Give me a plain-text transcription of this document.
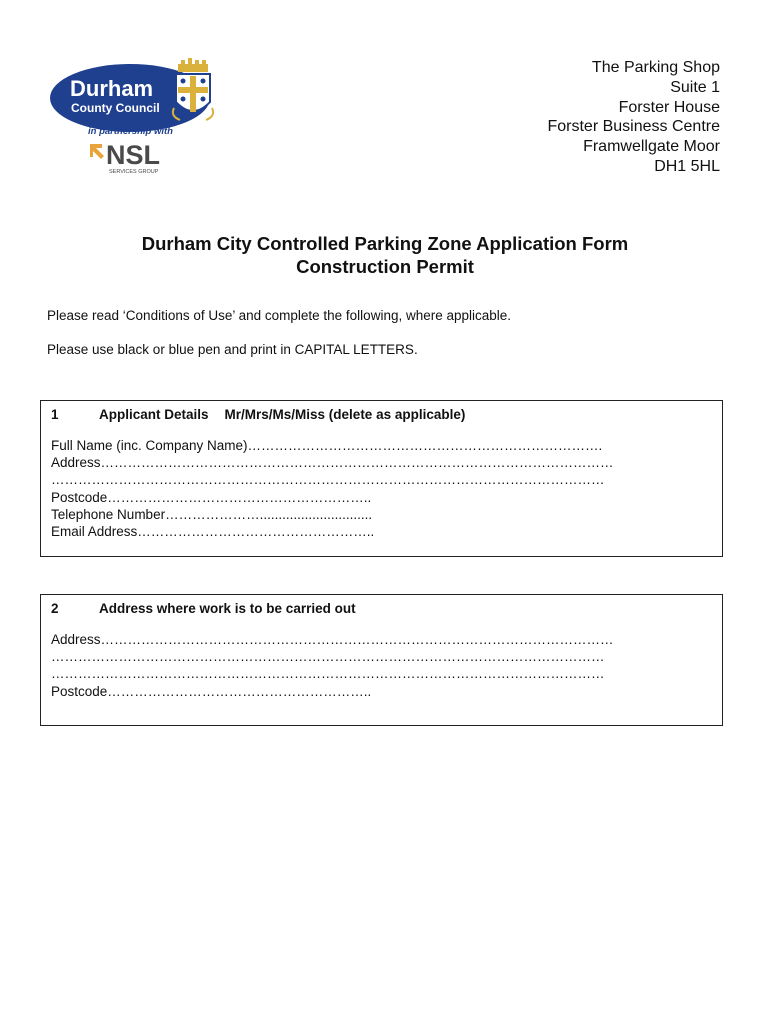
Durham
County Council
in partnership with
NSL
SERVICES GROUP
The Parking Shop
Suite 1
Forster House
Forster Business Centre
Framwellgate Moor
DH1 5HL
Durham City Controlled Parking Zone Application Form
Construction Permit
Please read ‘Conditions of Use’ and complete the following, where applicable.
Please use black or blue pen and print in CAPITAL LETTERS.
1	Applicant Details Mr/Mrs/Ms/Miss (delete as applicable)
Full Name (inc. Company Name)…………………………………………………………………….
Address……………………………………………………………………………………………………
……………………………………………………………………………………………………………
Postcode…………………………………………………..
Telephone Number…………………..............................
Email Address……………………………………………..
2	Address where work is to be carried out
Address……………………………………………………………………………………………………
……………………………………………………………………………………………………………
……………………………………………………………………………………………………………
Postcode…………………………………………………..
